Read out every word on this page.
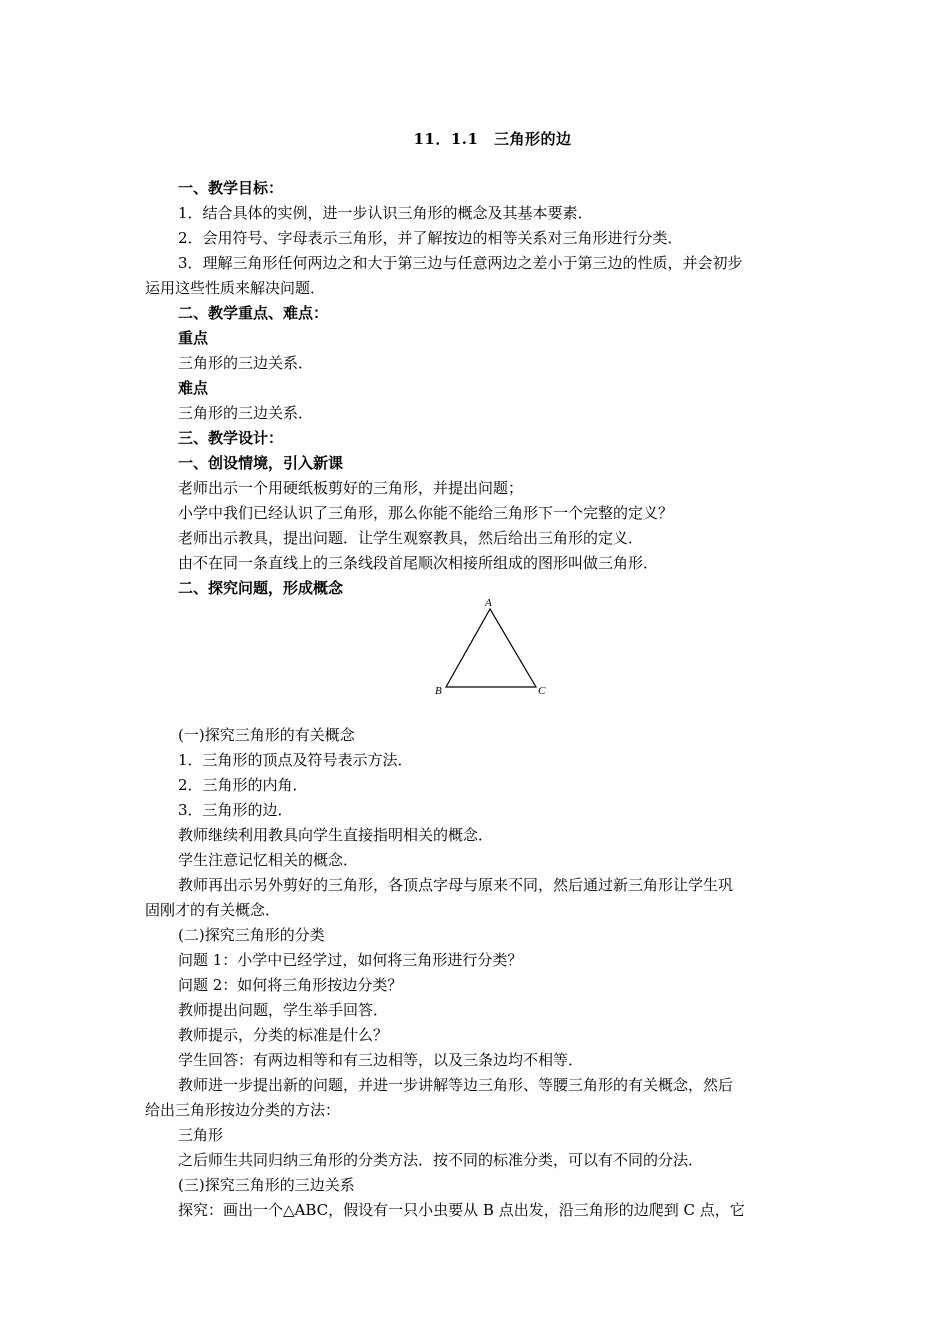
11．1.1　三角形的边
一、教学目标：
1．结合具体的实例，进一步认识三角形的概念及其基本要素．
2．会用符号、字母表示三角形，并了解按边的相等关系对三角形进行分类．
3．理解三角形任何两边之和大于第三边与任意两边之差小于第三边的性质，并会初步
运用这些性质来解决问题．
二、教学重点、难点：
重点
三角形的三边关系．
难点
三角形的三边关系．
三、教学设计：
一、创设情境，引入新课
老师出示一个用硬纸板剪好的三角形，并提出问题；
小学中我们已经认识了三角形，那么你能不能给三角形下一个完整的定义？
老师出示教具，提出问题．让学生观察教具，然后给出三角形的定义．
由不在同一条直线上的三条线段首尾顺次相接所组成的图形叫做三角形．
二、探究问题，形成概念
A
B	C
(一)探究三角形的有关概念
1．三角形的顶点及符号表示方法．
2．三角形的内角．
3．三角形的边．
教师继续利用教具向学生直接指明相关的概念．
学生注意记忆相关的概念．
教师再出示另外剪好的三角形，各顶点字母与原来不同，然后通过新三角形让学生巩
固刚才的有关概念．
(二)探究三角形的分类
问题 1：小学中已经学过，如何将三角形进行分类？
问题 2：如何将三角形按边分类？
教师提出问题，学生举手回答．
教师提示，分类的标准是什么？
学生回答：有两边相等和有三边相等，以及三条边均不相等．
教师进一步提出新的问题，并进一步讲解等边三角形、等腰三角形的有关概念，然后
给出三角形按边分类的方法：
三角形
之后师生共同归纳三角形的分类方法．按不同的标准分类，可以有不同的分法．
(三)探究三角形的三边关系
探究：画出一个△ABC，假设有一只小虫要从 B 点出发，沿三角形的边爬到 C 点，它
